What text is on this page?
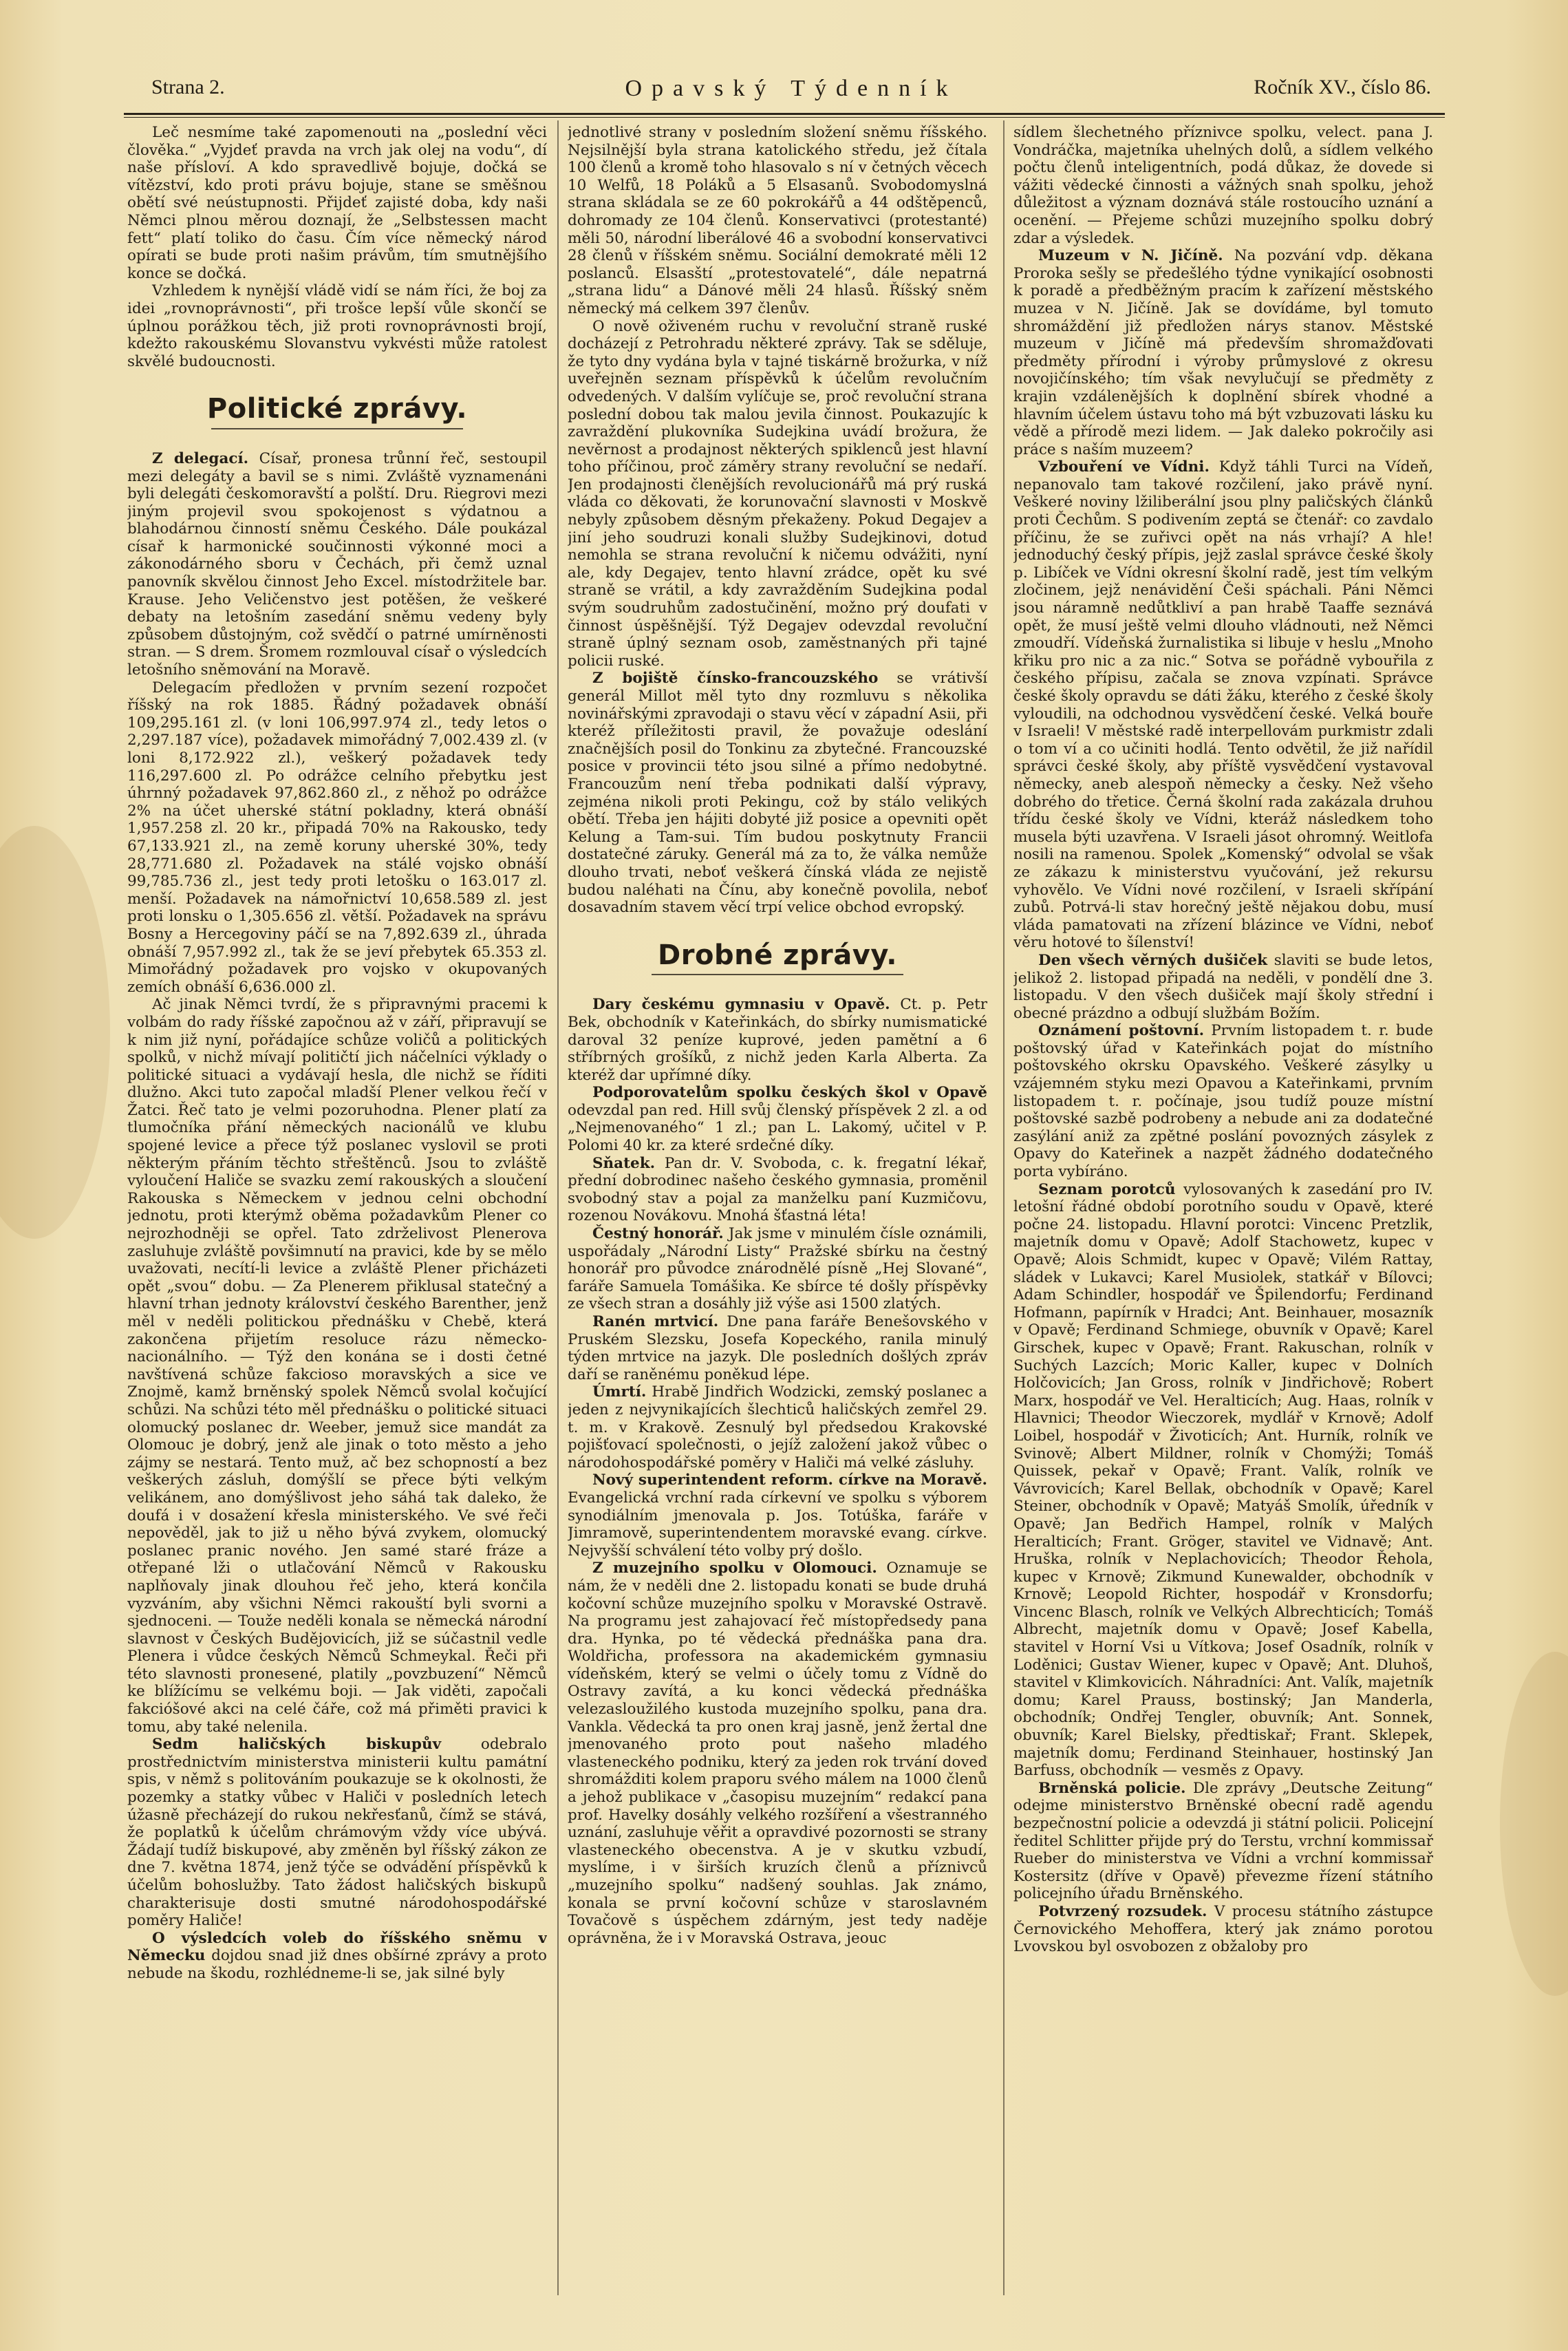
Strana 2.	Opavský Týdenník	Ročník XV., číslo 86.

Leč nesmíme také zapomenouti na „poslední věci člověka.“ „Vyjdeť pravda na vrch jak olej na vodu“, dí naše přísloví. A kdo spravedlivě bojuje, dočká se vítězství, kdo proti právu bojuje, stane se směšnou obětí své neústupnosti. Přijdeť zajisté doba, kdy naši Němci plnou měrou doznají, že „Selbstessen macht fett“ platí toliko do času. Čím více německý národ opírati se bude proti našim právům, tím smutnějšího konce se dočká.

Vzhledem k nynější vládě vidí se nám říci, že boj za idei „rovnoprávnosti“, při trošce lepší vůle skončí se úplnou porážkou těch, již proti rovnoprávnosti brojí, kdežto rakouskému Slovanstvu vykvésti může ratolest skvělé budoucnosti.

Politické zprávy.

Z delegací. Císař, pronesa trůnní řeč, sestoupil mezi delegáty a bavil se s nimi. Zvláště vyznamenáni byli delegáti českomoravští a polští. Dru. Riegrovi mezi jiným projevil svou spokojenost s výdatnou a blahodárnou činností sněmu Českého. Dále poukázal císař k harmonické součinnosti výkonné moci a zákonodárného sboru v Čechách, při čemž uznal panovník skvělou činnost Jeho Excel. místodržitele bar. Krause. Jeho Veličenstvo jest potěšen, že veškeré debaty na letošním zasedání sněmu vedeny byly způsobem důstojným, což svědčí o patrné umírněnosti stran. — S drem. Šromem rozmlouval císař o výsledcích letošního sněmování na Moravě.

Delegacím předložen v prvním sezení rozpočet říšský na rok 1885. Řádný požadavek obnáší 109,295.161 zl. (v loni 106,997.974 zl., tedy letos o 2,297.187 více), požadavek mimořádný 7,002.439 zl. (v loni 8,172.922 zl.), veškerý požadavek tedy 116,297.600 zl. Po odrážce celního přebytku jest úhrnný požadavek 97,862.860 zl., z něhož po odrážce 2% na účet uherské státní pokladny, která obnáší 1,957.258 zl. 20 kr., připadá 70% na Rakousko, tedy 67,133.921 zl., na země koruny uherské 30%, tedy 28,771.680 zl. Požadavek na stálé vojsko obnáší 99,785.736 zl., jest tedy proti letošku o 163.017 zl. menší. Požadavek na námořnictví 10,658.589 zl. jest proti lonsku o 1,305.656 zl. větší. Požadavek na správu Bosny a Hercegoviny páčí se na 7,892.639 zl., úhrada obnáší 7,957.992 zl., tak že se jeví přebytek 65.353 zl. Mimořádný požadavek pro vojsko v okupovaných zemích obnáší 6,636.000 zl.

Ač jinak Němci tvrdí, že s připravnými pracemi k volbám do rady říšské započnou až v září, připravují se k nim již nyní, pořádajíce schůze voličů a politických spolků, v nichž mívají političtí jich náčelníci výklady o politické situaci a vydávají hesla, dle nichž se říditi dlužno. Akci tuto započal mladší Plener velkou řečí v Žatci. Řeč tato je velmi pozoruhodna. Plener platí za tlumočníka přání německých nacionálů ve klubu spojené levice a přece týž poslanec vyslovil se proti některým přáním těchto střeštěnců. Jsou to zvláště vyloučení Haliče se svazku zemí rakouských a sloučení Rakouska s Německem v jednou celni obchodní jednotu, proti kterýmž oběma požadavkům Plener co nejrozhodněji se opřel. Tato zdrželivost Plenerova zasluhuje zvláště povšimnutí na pravici, kde by se mělo uvažovati, necítí-li levice a zvláště Plener přicházeti opět „svou“ dobu. — Za Plenerem přiklusal statečný a hlavní trhan jednoty království českého Barenther, jenž měl v neděli politickou přednášku v Chebě, která zakončena přijetím resoluce rázu německo-nacionálního. — Týž den konána se i dosti četné navštívená schůze fakcioso moravských a sice ve Znojmě, kamž brněnský spolek Němců svolal kočující schůzi. Na schůzi této měl přednášku o politické situaci olomucký poslanec dr. Weeber, jemuž sice mandát za Olomouc je dobrý, jenž ale jinak o toto město a jeho zájmy se nestará. Tento muž, ač bez schopností a bez veškerých zásluh, domýšlí se přece býti velkým velikánem, ano domýšlivost jeho sáhá tak daleko, že doufá i v dosažení křesla ministerského. Ve své řeči nepověděl, jak to již u něho bývá zvykem, olomucký poslanec pranic nového. Jen samé staré fráze a otřepané lži o utlačování Němců v Rakousku naplňovaly jinak dlouhou řeč jeho, která končila vyzváním, aby všichni Němci rakouští byli svorni a sjednoceni. — Touže neděli konala se německá národní slavnost v Českých Budějovicích, již se súčastnil vedle Plenera i vůdce českých Němců Schmeykal. Řeči při této slavnosti pronesené, platily „povzbuzení“ Němců ke blížícímu se velkému boji. — Jak viděti, započali fakcióšové akci na celé čáře, což má přiměti pravici k tomu, aby také nelenila.

Sedm haličských biskupův odebralo prostřednictvím ministerstva ministerii kultu památní spis, v němž s politováním poukazuje se k okolnosti, že pozemky a statky vůbec v Haliči v posledních letech úžasně přecházejí do rukou nekřesťanů, čímž se stává, že poplatků k účelům chrámovým vždy více ubývá. Žádají tudíž biskupové, aby změněn byl říšský zákon ze dne 7. května 1874, jenž týče se odvádění příspěvků k účelům bohoslužby. Tato žádost haličských biskupů charakterisuje dosti smutné národohospodářské poměry Haliče!

O výsledcích voleb do říšského sněmu v Německu dojdou snad již dnes obšírné zprávy a proto nebude na škodu, rozhlédneme-li se, jak silné byly

jednotlivé strany v posledním složení sněmu říšského. Nejsilnější byla strana katolického středu, jež čítala 100 členů a kromě toho hlasovalo s ní v četných věcech 10 Welfů, 18 Poláků a 5 Elsasanů. Svobodomyslná strana skládala se ze 60 pokrokářů a 44 odštěpenců, dohromady ze 104 členů. Konservativci (protestanté) měli 50, národní liberálové 46 a svobodní konservativci 28 členů v říšském sněmu. Sociální demokraté měli 12 poslanců. Elsasští „protestovatelé“, dále nepatrná „strana lidu“ a Dánové měli 24 hlasů. Říšský sněm německý má celkem 397 členův.

O nově oživeném ruchu v revoluční straně ruské docházejí z Petrohradu některé zprávy. Tak se sděluje, že tyto dny vydána byla v tajné tiskárně brožurka, v níž uveřejněn seznam příspěvků k účelům revolučním odvedených. V dalším vylíčuje se, proč revoluční strana poslední dobou tak malou jevila činnost. Poukazujíc k zavraždění plukovníka Sudejkina uvádí brožura, že nevěrnost a prodajnost některých spiklenců jest hlavní toho příčinou, proč záměry strany revoluční se nedaří. Jen prodajnosti členějších revolucionářů má prý ruská vláda co děkovati, že korunovační slavnosti v Moskvě nebyly způsobem děsným překaženy. Pokud Degajev a jiní jeho soudruzi konali služby Sudejkinovi, dotud nemohla se strana revoluční k ničemu odvážiti, nyní ale, kdy Degajev, tento hlavní zrádce, opět ku své straně se vrátil, a kdy zavražděním Sudejkina podal svým soudruhům zadostučinění, možno prý doufati v činnost úspěšnější. Týž Degajev odevzdal revoluční straně úplný seznam osob, zaměstnaných při tajné policii ruské.

Z bojiště čínsko-francouzského se vrátivší generál Millot měl tyto dny rozmluvu s několika novinářskými zpravodaji o stavu věcí v západní Asii, při kteréž příležitosti pravil, že považuje odeslání značnějších posil do Tonkinu za zbytečné. Francouzské posice v provincii této jsou silné a přímo nedobytné. Francouzům není třeba podnikati další výpravy, zejména nikoli proti Pekingu, což by stálo velikých obětí. Třeba jen hájiti dobyté již posice a opevniti opět Kelung a Tam-sui. Tím budou poskytnuty Francii dostatečné záruky. Generál má za to, že válka nemůže dlouho trvati, neboť veškerá čínská vláda ze nejistě budou naléhati na Čínu, aby konečně povolila, neboť dosavadním stavem věcí trpí velice obchod evropský.

Drobné zprávy.

Dary českému gymnasiu v Opavě. Ct. p. Petr Bek, obchodník v Kateřinkách, do sbírky numismatické daroval 32 peníze kuprové, jeden pamětní a 6 stříbrných grošíků, z nichž jeden Karla Alberta. Za kteréž dar upřímné díky.

Podporovatelům spolku českých škol v Opavě odevzdal pan red. Hill svůj členský příspěvek 2 zl. a od „Nejmenovaného“ 1 zl.; pan L. Lakomý, učitel v P. Polomi 40 kr. za které srdečné díky.

Sňatek. Pan dr. V. Svoboda, c. k. fregatní lékař, přední dobrodinec našeho českého gymnasia, proměnil svobodný stav a pojal za manželku paní Kuzmičovu, rozenou Novákovu. Mnohá šťastná léta!

Čestný honorář. Jak jsme v minulém čísle oznámili, uspořádaly „Národní Listy“ Pražské sbírku na čestný honorář pro původce znárodnělé písně „Hej Slované“, faráře Samuela Tomášika. Ke sbírce té došly příspěvky ze všech stran a dosáhly již výše asi 1500 zlatých.

Ranén mrtvicí. Dne pana faráře Benešovského v Pruském Slezsku, Josefa Kopeckého, ranila minulý týden mrtvice na jazyk. Dle posledních došlých zpráv daří se raněnému poněkud lépe.

Úmrtí. Hrabě Jindřich Wodzicki, zemský poslanec a jeden z nejvynikajících šlechticů haličských zemřel 29. t. m. v Krakově. Zesnulý byl předsedou Krakovské pojišťovací společnosti, o jejíž založení jakož vůbec o národohospodářské poměry v Haliči má velké zásluhy.

Nový superintendent reform. církve na Moravě. Evangelická vrchní rada církevní ve spolku s výborem synodiálním jmenovala p. Jos. Totúška, faráře v Jimramově, superintendentem moravské evang. církve. Nejvyšší schválení této volby prý došlo.

Z muzejního spolku v Olomouci. Oznamuje se nám, že v neděli dne 2. listopadu konati se bude druhá kočovní schůze muzejního spolku v Moravské Ostravě. Na programu jest zahajovací řeč místopředsedy pana dra. Hynka, po té vědecká přednáška pana dra. Woldřicha, professora na akademickém gymnasiu vídeňském, který se velmi o účely tomu z Vídně do Ostravy zavítá, a ku konci vědecká přednáška velezasloužilého kustoda muzejního spolku, pana dra. Vankla. Vědecká ta pro onen kraj jasně, jenž žertal dne jmenovaného proto pout našeho mladého vlasteneckého podniku, který za jeden rok trvání doveď shromážditi kolem praporu svého málem na 1000 členů a jehož publikace v „časopisu muzejním“ redakcí pana prof. Havelky dosáhly velkého rozšíření a všestranného uznání, zasluhuje věřit a opravdivé pozornosti se strany vlasteneckého obecenstva. A je v skutku vzbudí, myslíme, i v širších kruzích členů a příznivců „muzejního spolku“ nadšený souhlas. Jak známo, konala se první kočovní schůze v staroslavném Tovačově s úspěchem zdárným, jest tedy naděje oprávněna, že i v Moravská Ostrava, jeouc

sídlem šlechetného příznivce spolku, velect. pana J. Vondráčka, majetníka uhelných dolů, a sídlem velkého počtu členů inteligentních, podá důkaz, že dovede si vážiti vědecké činnosti a vážných snah spolku, jehož důležitost a význam doznává stále rostoucího uznání a ocenění. — Přejeme schůzi muzejního spolku dobrý zdar a výsledek.

Muzeum v N. Jičíně. Na pozvání vdp. děkana Proroka sešly se předešlého týdne vynikající osobnosti k poradě a předběžným pracím k zařízení městského muzea v N. Jičíně. Jak se dovídáme, byl tomuto shromáždění již předložen nárys stanov. Městské muzeum v Jičíně má především shromažďovati předměty přírodní i výroby průmyslové z okresu novojičínského; tím však nevylučují se předměty z krajin vzdálenějších k doplnění sbírek vhodné a hlavním účelem ústavu toho má být vzbuzovati lásku ku vědě a přírodě mezi lidem. — Jak daleko pokročily asi práce s naším muzeem?

Vzbouření ve Vídni. Když táhli Turci na Vídeň, nepanovalo tam takové rozčilení, jako právě nyní. Veškeré noviny lžiliberální jsou plny paličských článků proti Čechům. S podivením zeptá se čtenář: co zavdalo příčinu, že se zuřivci opět na nás vrhají? A hle! jednoduchý český přípis, jejž zaslal správce české školy p. Libíček ve Vídni okresní školní radě, jest tím velkým zločinem, jejž nenávidění Češi spáchali. Páni Němci jsou náramně nedůtkliví a pan hrabě Taaffe seznává opět, že musí ještě velmi dlouho vládnouti, než Němci zmoudří. Vídeňská žurnalistika si libuje v heslu „Mnoho křiku pro nic a za nic.“ Sotva se pořádně vybouřila z českého přípisu, začala se znova vzpínati. Správce české školy opravdu se dáti žáku, kterého z české školy vyloudili, na odchodnou vysvědčení české. Velká bouře v Israeli! V městské radě interpellovám purkmistr zdali o tom ví a co učiniti hodlá. Tento odvětil, že již nařídil správci české školy, aby příště vysvědčení vystavoval německy, aneb alespoň německy a česky. Než všeho dobrého do třetice. Černá školní rada zakázala druhou třídu české školy ve Vídni, kteráž následkem toho musela býti uzavřena. V Israeli jásot ohromný. Weitlofa nosili na ramenou. Spolek „Komenský“ odvolal se však ze zákazu k ministerstvu vyučování, jež rekursu vyhovělo. Ve Vídni nové rozčilení, v Israeli skřípání zubů. Potrvá-li stav horečný ještě nějakou dobu, musí vláda pamatovati na zřízení blázince ve Vídni, neboť věru hotové to šílenství!

Den všech věrných dušiček slaviti se bude letos, jelikož 2. listopad připadá na neděli, v pondělí dne 3. listopadu. V den všech dušiček mají školy střední i obecné prázdno a odbují službám Božím.

Oznámení poštovní. Prvním listopadem t. r. bude poštovský úřad v Kateřinkách pojat do místního poštovského okrsku Opavského. Veškeré zásylky u vzájemném styku mezi Opavou a Kateřinkami, prvním listopadem t. r. počínaje, jsou tudíž pouze místní poštovské sazbě podrobeny a nebude ani za dodatečné zasýlání aniž za zpětné poslání povozných zásylek z Opavy do Kateřinek a nazpět žádného dodatečného porta vybíráno.

Seznam porotců vylosovaných k zasedání pro IV. letošní řádné období porotního soudu v Opavě, které počne 24. listopadu. Hlavní porotci: Vincenc Pretzlik, majetník domu v Opavě; Adolf Stachowetz, kupec v Opavě; Alois Schmidt, kupec v Opavě; Vilém Rattay, sládek v Lukavci; Karel Musiolek, statkář v Bílovci; Adam Schindler, hospodář ve Špilendorfu; Ferdinand Hofmann, papírník v Hradci; Ant. Beinhauer, mosazník v Opavě; Ferdinand Schmiege, obuvník v Opavě; Karel Girschek, kupec v Opavě; Frant. Rakuschan, rolník v Suchých Lazcích; Moric Kaller, kupec v Dolních Holčovicích; Jan Gross, rolník v Jindřichově; Robert Marx, hospodář ve Vel. Heralticích; Aug. Haas, rolník v Hlavnici; Theodor Wieczorek, mydlář v Krnově; Adolf Loibel, hospodář v Životicích; Ant. Hurník, rolník ve Svinově; Albert Mildner, rolník v Chomýži; Tomáš Quissek, pekař v Opavě; Frant. Valík, rolník ve Vávrovicích; Karel Bellak, obchodník v Opavě; Karel Steiner, obchodník v Opavě; Matyáš Smolík, úředník v Opavě; Jan Bedřich Hampel, rolník v Malých Heralticích; Frant. Gröger, stavitel ve Vidnavě; Ant. Hruška, rolník v Neplachovicích; Theodor Řehola, kupec v Krnově; Zikmund Kunewalder, obchodník v Krnově; Leopold Richter, hospodář v Kronsdorfu; Vincenc Blasch, rolník ve Velkých Albrechticích; Tomáš Albrecht, majetník domu v Opavě; Josef Kabella, stavitel v Horní Vsi u Vítkova; Josef Osadník, rolník v Loděnici; Gustav Wiener, kupec v Opavě; Ant. Dluhoš, stavitel v Klimkovicích. Náhradníci: Ant. Valík, majetník domu; Karel Prauss, bostinský; Jan Manderla, obchodník; Ondřej Tengler, obuvník; Ant. Sonnek, obuvník; Karel Bielsky, předtiskař; Frant. Sklepek, majetník domu; Ferdinand Steinhauer, hostinský Jan Barfuss, obchodník — vesměs z Opavy.

Brněnská policie. Dle zprávy „Deutsche Zeitung“ odejme ministerstvo Brněnské obecní radě agendu bezpečnostní policie a odevzdá ji státní policii. Policejní ředitel Schlitter přijde prý do Terstu, vrchní kommissař Rueber do ministerstva ve Vídni a vrchní kommissař Kostersitz (dříve v Opavě) převezme řízení státního policejního úřadu Brněnského.

Potvrzený rozsudek. V procesu státního zástupce Černovického Mehoffera, který jak známo porotou Lvovskou byl osvobozen z obžaloby pro
